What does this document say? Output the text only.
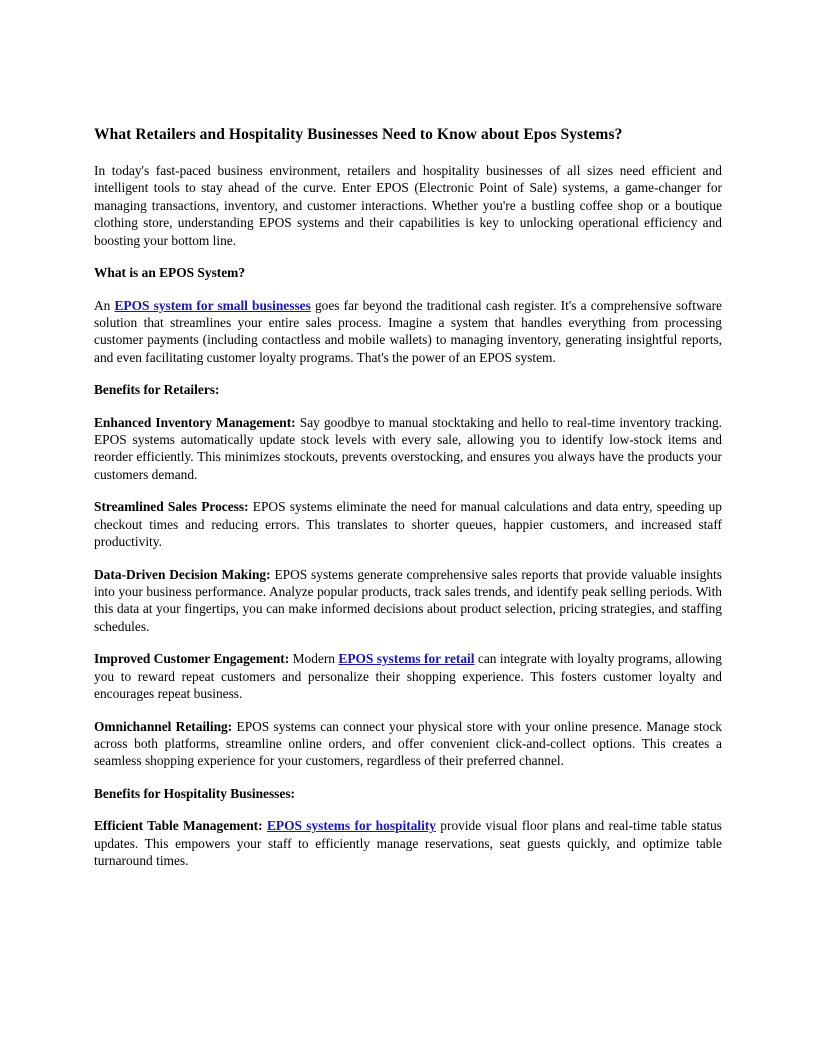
What Retailers and Hospitality Businesses Need to Know about Epos Systems?

In today's fast-paced business environment, retailers and hospitality businesses of all sizes need efficient and intelligent tools to stay ahead of the curve. Enter EPOS (Electronic Point of Sale) systems, a game-changer for managing transactions, inventory, and customer interactions. Whether you're a bustling coffee shop or a boutique clothing store, understanding EPOS systems and their capabilities is key to unlocking operational efficiency and boosting your bottom line.

What is an EPOS System?

An EPOS system for small businesses goes far beyond the traditional cash register. It's a comprehensive software solution that streamlines your entire sales process. Imagine a system that handles everything from processing customer payments (including contactless and mobile wallets) to managing inventory, generating insightful reports, and even facilitating customer loyalty programs. That's the power of an EPOS system.

Benefits for Retailers:

Enhanced Inventory Management: Say goodbye to manual stocktaking and hello to real-time inventory tracking. EPOS systems automatically update stock levels with every sale, allowing you to identify low-stock items and reorder efficiently. This minimizes stockouts, prevents overstocking, and ensures you always have the products your customers demand.

Streamlined Sales Process: EPOS systems eliminate the need for manual calculations and data entry, speeding up checkout times and reducing errors. This translates to shorter queues, happier customers, and increased staff productivity.

Data-Driven Decision Making: EPOS systems generate comprehensive sales reports that provide valuable insights into your business performance. Analyze popular products, track sales trends, and identify peak selling periods. With this data at your fingertips, you can make informed decisions about product selection, pricing strategies, and staffing schedules.

Improved Customer Engagement: Modern EPOS systems for retail can integrate with loyalty programs, allowing you to reward repeat customers and personalize their shopping experience. This fosters customer loyalty and encourages repeat business.

Omnichannel Retailing: EPOS systems can connect your physical store with your online presence. Manage stock across both platforms, streamline online orders, and offer convenient click-and-collect options. This creates a seamless shopping experience for your customers, regardless of their preferred channel.

Benefits for Hospitality Businesses:

Efficient Table Management: EPOS systems for hospitality provide visual floor plans and real-time table status updates. This empowers your staff to efficiently manage reservations, seat guests quickly, and optimize table turnaround times.
